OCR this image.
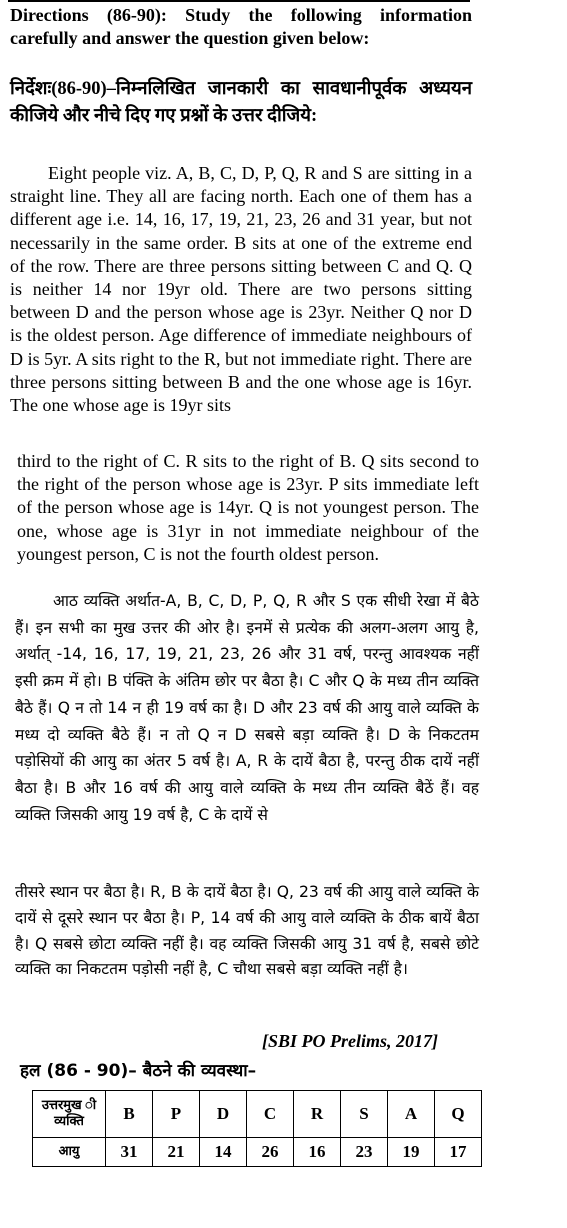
Directions (86-90): Study the following information carefully and answer the question given below:
निर्देशः(86-90)–निम्नलिखित जानकारी का सावधानीपूर्वक अध्ययन कीजिये और नीचे दिए गए प्रश्नों के उत्तर दीजिये:
Eight people viz. A, B, C, D, P, Q, R and S are sitting in a straight line. They all are facing north. Each one of them has a different age i.e. 14, 16, 17, 19, 21, 23, 26 and 31 year, but not necessarily in the same order. B sits at one of the extreme end of the row. There are three persons sitting between C and Q. Q is neither 14 nor 19yr old. There are two persons sitting between D and the person whose age is 23yr. Neither Q nor D is the oldest person. Age difference of immediate neighbours of D is 5yr. A sits right to the R, but not immediate right. There are three persons sitting between B and the one whose age is 16yr. The one whose age is 19yr sits
third to the right of C. R sits to the right of B. Q sits second to the right of the person whose age is 23yr. P sits immediate left of the person whose age is 14yr. Q is not youngest person. The one, whose age is 31yr in not immediate neighbour of the youngest person, C is not the fourth oldest person.
आठ व्यक्ति अर्थात-A, B, C, D, P, Q, R और S एक सीधी रेखा में बैठे हैं। इन सभी का मुख उत्तर की ओर है। इनमें से प्रत्येक की अलग-अलग आयु है, अर्थात् -14, 16, 17, 19, 21, 23, 26 और 31 वर्ष, परन्तु आवश्यक नहीं इसी क्रम में हो। B पंक्ति के अंतिम छोर पर बैठा है। C और Q के मध्य तीन व्यक्ति बैठे हैं। Q न तो 14 न ही 19 वर्ष का है। D और 23 वर्ष की आयु वाले व्यक्ति के मध्य दो व्यक्ति बैठे हैं। न तो Q न D सबसे बड़ा व्यक्ति है। D के निकटतम पड़ोसियों की आयु का अंतर 5 वर्ष है। A, R के दायें बैठा है, परन्तु ठीक दायें नहीं बैठा है। B और 16 वर्ष की आयु वाले व्यक्ति के मध्य तीन व्यक्ति बैठें हैं। वह व्यक्ति जिसकी आयु 19 वर्ष है, C के दायें से
तीसरे स्थान पर बैठा है। R, B के दायें बैठा है। Q, 23 वर्ष की आयु वाले व्यक्ति के दायें से दूसरे स्थान पर बैठा है। P, 14 वर्ष की आयु वाले व्यक्ति के ठीक बायें बैठा है। Q सबसे छोटा व्यक्ति नहीं है। वह व्यक्ति जिसकी आयु 31 वर्ष है, सबसे छोटे व्यक्ति का निकटतम पड़ोसी नहीं है, C चौथा सबसे बड़ा व्यक्ति नहीं है।
[SBI PO Prelims, 2017]
हल (86 - 90)– बैठने की व्यवस्था–
उत्तरमुख ी व्यक्ति	B	P	D	C	R	S	A	Q
आयु	31	21	14	26	16	23	19	17
